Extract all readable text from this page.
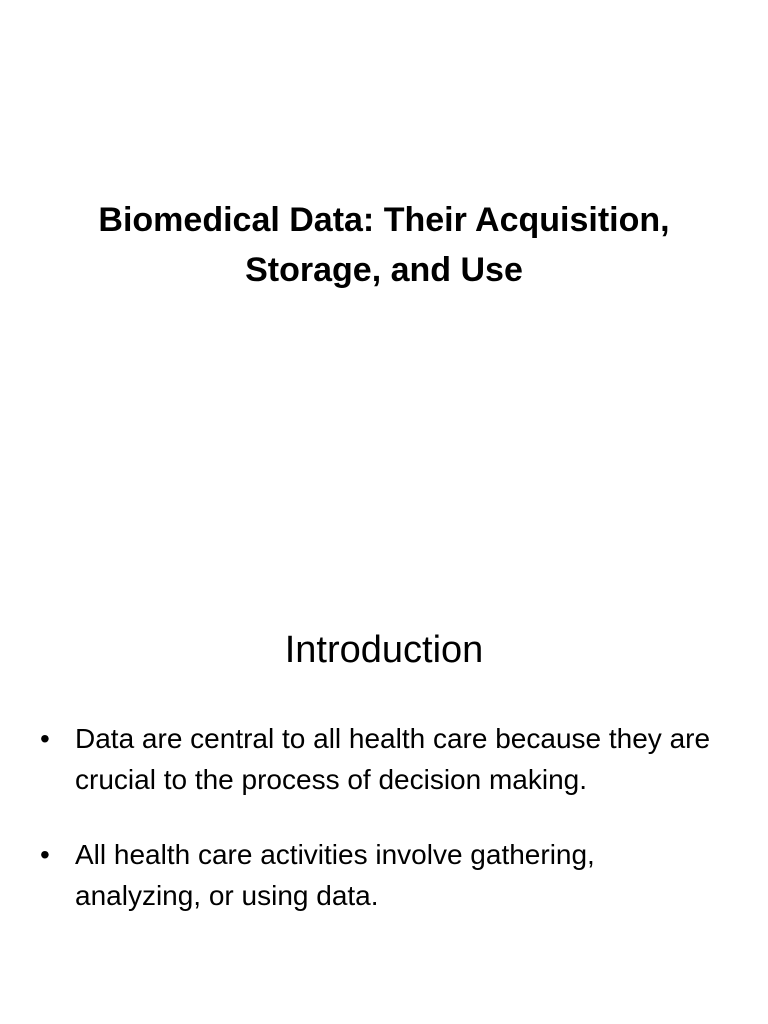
Biomedical Data: Their Acquisition,
Storage, and Use
Introduction
• Data are central to all health care because they are crucial to the process of decision making.
• All health care activities involve gathering, analyzing, or using data.
